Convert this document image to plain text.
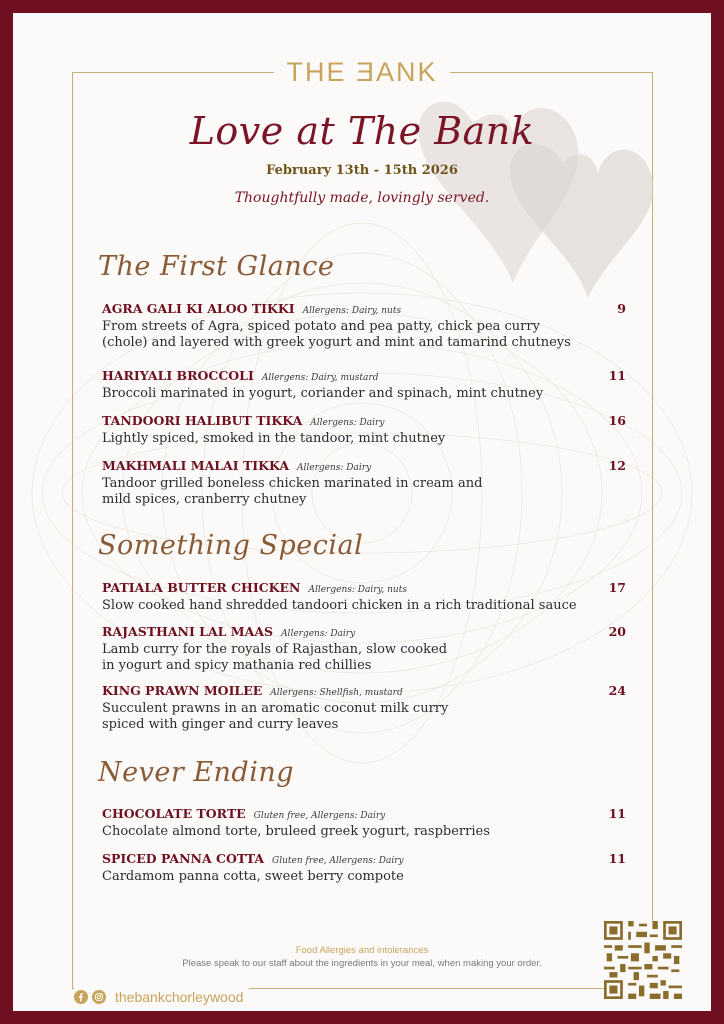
THE ƎANK
Love at The Bank
February 13th - 15th 2026
Thoughtfully made, lovingly served.
The First Glance
AGRA GALI KI ALOO TIKKI Allergens: Dairy, nuts	9
From streets of Agra, spiced potato and pea patty, chick pea curry
(chole) and layered with greek yogurt and mint and tamarind chutneys
HARIYALI BROCCOLI Allergens: Dairy, mustard	11
Broccoli marinated in yogurt, coriander and spinach, mint chutney
TANDOORI HALIBUT TIKKA Allergens: Dairy	16
Lightly spiced, smoked in the tandoor, mint chutney
MAKHMALI MALAI TIKKA Allergens: Dairy	12
Tandoor grilled boneless chicken marinated in cream and
mild spices, cranberry chutney
Something Special
PATIALA BUTTER CHICKEN Allergens: Dairy, nuts	17
Slow cooked hand shredded tandoori chicken in a rich traditional sauce
RAJASTHANI LAL MAAS Allergens: Dairy	20
Lamb curry for the royals of Rajasthan, slow cooked
in yogurt and spicy mathania red chillies
KING PRAWN MOILEE Allergens: Shellfish, mustard	24
Succulent prawns in an aromatic coconut milk curry
spiced with ginger and curry leaves
Never Ending
CHOCOLATE TORTE Gluten free, Allergens: Dairy	11
Chocolate almond torte, bruleed greek yogurt, raspberries
SPICED PANNA COTTA Gluten free, Allergens: Dairy	11
Cardamom panna cotta, sweet berry compote
Food Allergies and intolerances
Please speak to our staff about the ingredients in your meal, when making your order.
thebankchorleywood
